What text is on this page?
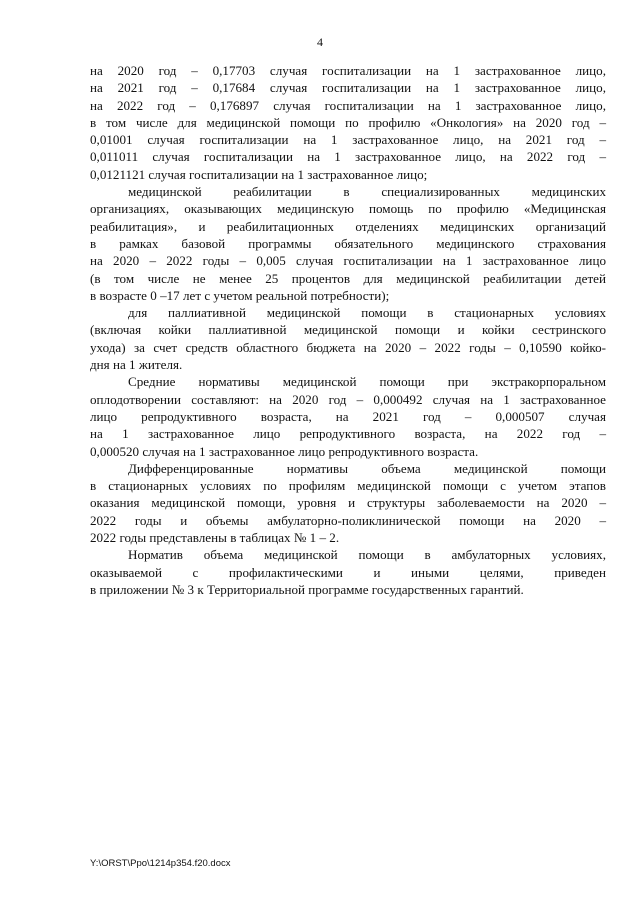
4

на 2020 год – 0,17703 случая госпитализации на 1 застрахованное лицо,
на 2021 год – 0,17684 случая госпитализации на 1 застрахованное лицо,
на 2022 год – 0,176897 случая госпитализации на 1 застрахованное лицо,
в том числе для медицинской помощи по профилю «Онкология» на 2020 год –
0,01001 случая госпитализации на 1 застрахованное лицо, на 2021 год –
0,011011 случая госпитализации на 1 застрахованное лицо, на 2022 год –
0,0121121 случая госпитализации на 1 застрахованное лицо;

медицинской реабилитации в специализированных медицинских
организациях, оказывающих медицинскую помощь по профилю «Медицинская
реабилитация», и реабилитационных отделениях медицинских организаций
в рамках базовой программы обязательного медицинского страхования
на 2020 – 2022 годы – 0,005 случая госпитализации на 1 застрахованное лицо
(в том числе не менее 25 процентов для медицинской реабилитации детей
в возрасте 0 –17 лет с учетом реальной потребности);

для паллиативной медицинской помощи в стационарных условиях
(включая койки паллиативной медицинской помощи и койки сестринского
ухода) за счет средств областного бюджета на 2020 – 2022 годы – 0,10590 койко-
дня на 1 жителя.

Средние нормативы медицинской помощи при экстракорпоральном
оплодотворении составляют: на 2020 год – 0,000492 случая на 1 застрахованное
лицо репродуктивного возраста, на 2021 год – 0,000507 случая
на 1 застрахованное лицо репродуктивного возраста, на 2022 год –
0,000520 случая на 1 застрахованное лицо репродуктивного возраста.

Дифференцированные нормативы объема медицинской помощи
в стационарных условиях по профилям медицинской помощи с учетом этапов
оказания медицинской помощи, уровня и структуры заболеваемости на 2020 –
2022 годы и объемы амбулаторно-поликлинической помощи на 2020 –
2022 годы представлены в таблицах № 1 – 2.

Норматив объема медицинской помощи в амбулаторных условиях,
оказываемой с профилактическими и иными целями, приведен
в приложении № 3 к Территориальной программе государственных гарантий.

Y:\ORST\Ppo\1214p354.f20.docx
